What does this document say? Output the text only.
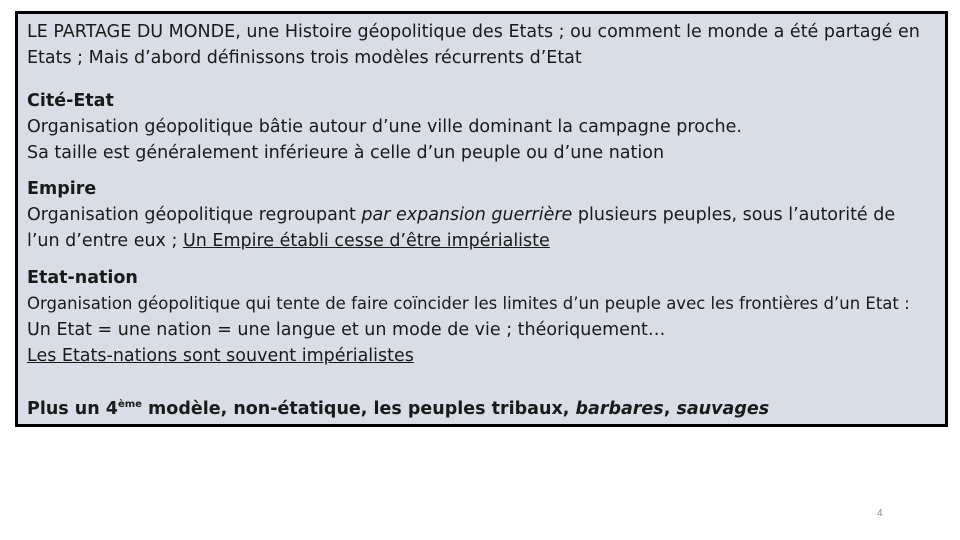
LE PARTAGE DU MONDE, une Histoire géopolitique des Etats ; ou comment le monde a été partagé en

Etats ; Mais d’abord définissons trois modèles récurrents d’Etat

Cité-Etat

Organisation géopolitique bâtie autour d’une ville dominant la campagne proche.

Sa taille est généralement inférieure à celle d’un peuple ou d’une nation

Empire

Organisation géopolitique regroupant par expansion guerrière plusieurs peuples, sous l’autorité de

l’un d’entre eux ; Un Empire établi cesse d’être impérialiste

Etat-nation

Organisation géopolitique qui tente de faire coïncider les limites d’un peuple avec les frontières d’un Etat :

Un Etat = une nation = une langue et un mode de vie ; théoriquement…

Les Etats-nations sont souvent impérialistes

Plus un 4ème modèle, non-étatique, les peuples tribaux, barbares, sauvages

4
